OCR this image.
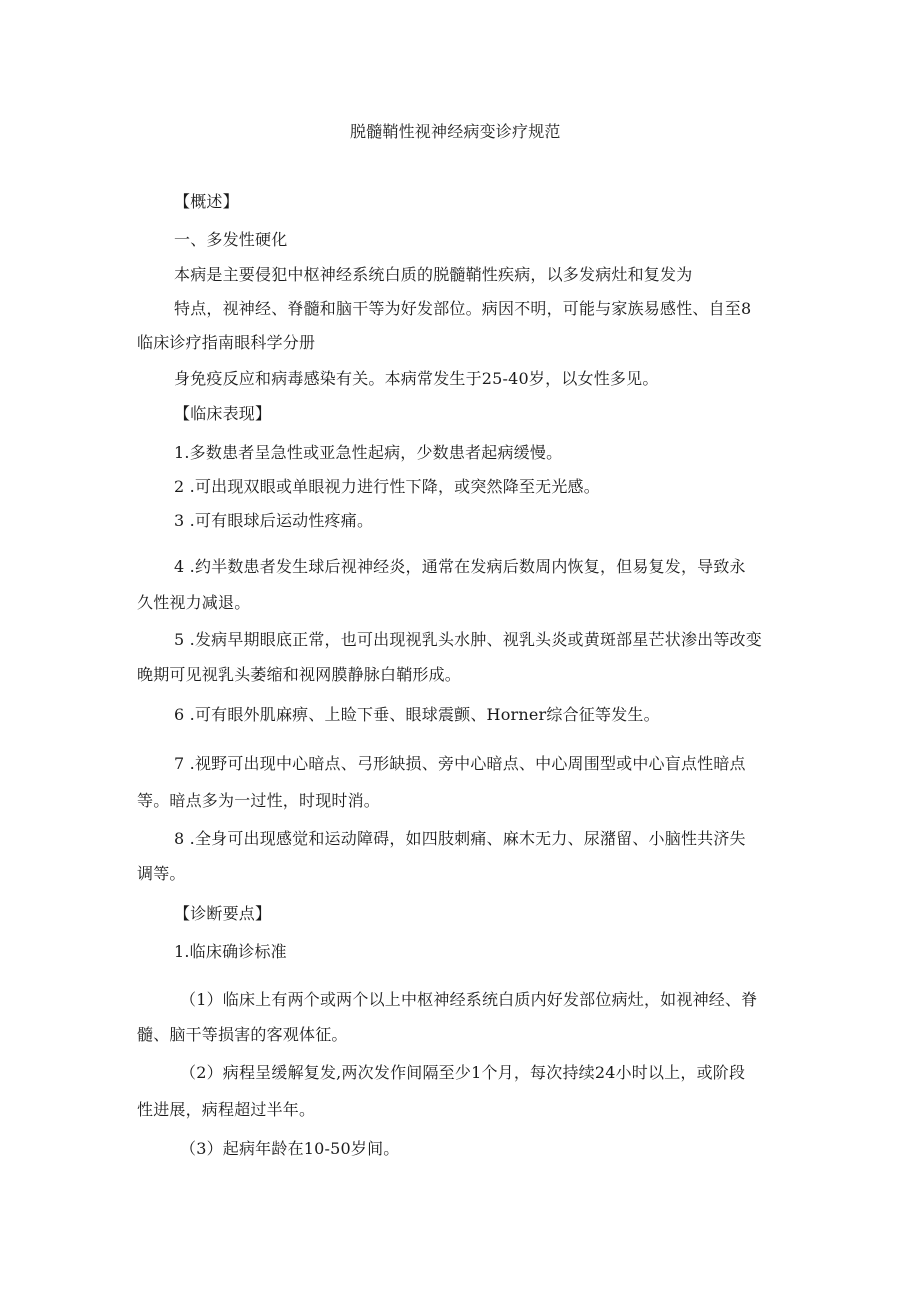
脱髓鞘性视神经病变诊疗规范
【概述】
一、多发性硬化
本病是主要侵犯中枢神经系统白质的脱髓鞘性疾病，以多发病灶和复发为
特点，视神经、脊髓和脑干等为好发部位。病因不明，可能与家族易感性、自至8
临床诊疗指南眼科学分册
身免疫反应和病毒感染有关。本病常发生于25-40岁，以女性多见。
【临床表现】
1.多数患者呈急性或亚急性起病，少数患者起病缓慢。
2 .可出现双眼或单眼视力进行性下降，或突然降至无光感。
3 .可有眼球后运动性疼痛。
4 .约半数患者发生球后视神经炎，通常在发病后数周内恢复，但易复发，导致永
久性视力减退。
5 .发病早期眼底正常，也可出现视乳头水肿、视乳头炎或黄斑部星芒状渗出等改变
晚期可见视乳头萎缩和视网膜静脉白鞘形成。
6 .可有眼外肌麻痹、上睑下垂、眼球震颤、Horner综合征等发生。
7 .视野可出现中心暗点、弓形缺损、旁中心暗点、中心周围型或中心盲点性暗点
等。暗点多为一过性，时现时消。
8 .全身可出现感觉和运动障碍，如四肢刺痛、麻木无力、尿潴留、小脑性共济失
调等。
【诊断要点】
1.临床确诊标准
（1）临床上有两个或两个以上中枢神经系统白质内好发部位病灶，如视神经、脊
髓、脑干等损害的客观体征。
（2）病程呈缓解复发,两次发作间隔至少1个月，每次持续24小时以上，或阶段
性进展，病程超过半年。
（3）起病年龄在10-50岁间。
